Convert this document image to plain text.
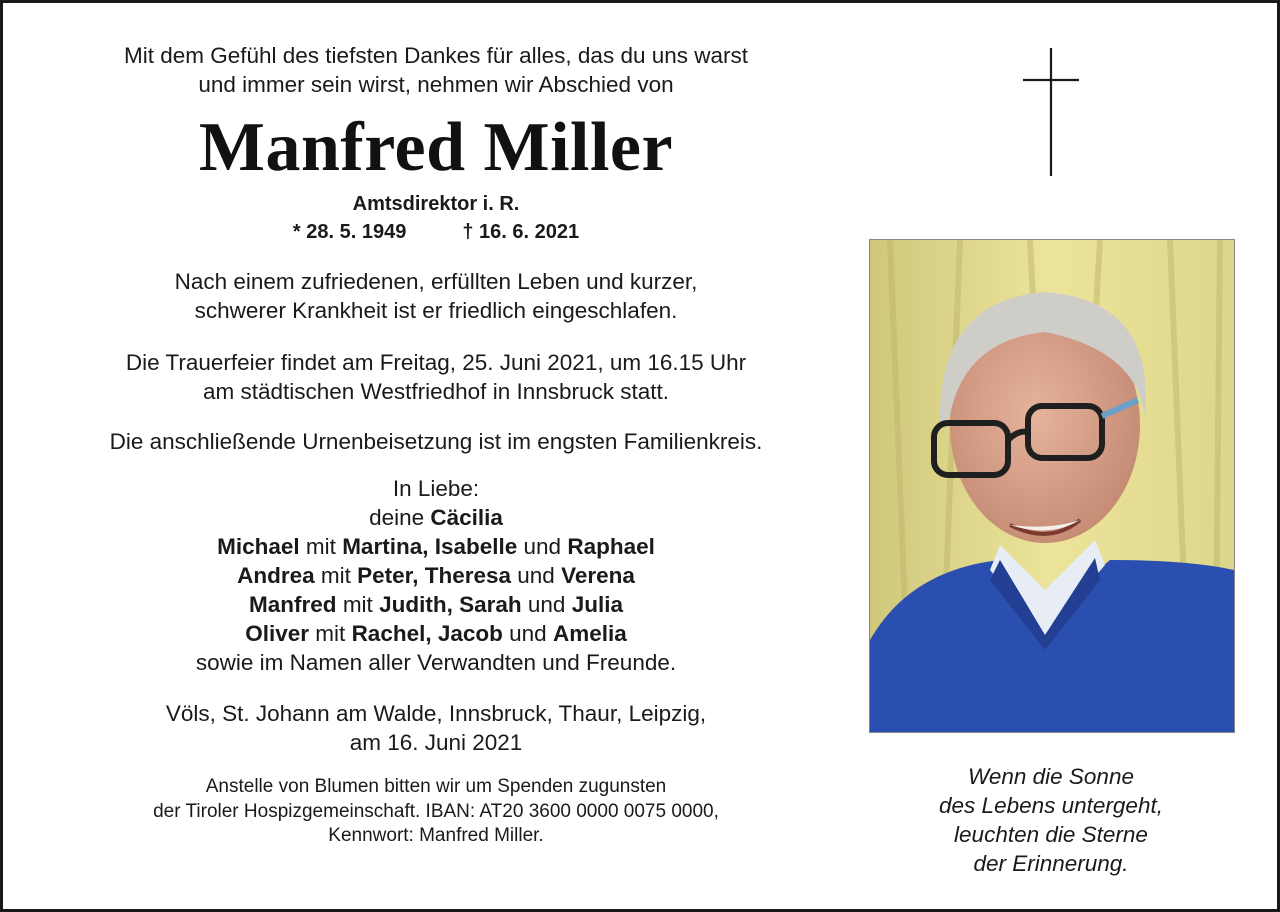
Mit dem Gefühl des tiefsten Dankes für alles, das du uns warst
und immer sein wirst, nehmen wir Abschied von

Manfred Miller
Amtsdirektor i. R.
* 28. 5. 1949	† 16. 6. 2021

Nach einem zufriedenen, erfüllten Leben und kurzer,
schwerer Krankheit ist er friedlich eingeschlafen.

Die Trauerfeier findet am Freitag, 25. Juni 2021, um 16.15 Uhr
am städtischen Westfriedhof in Innsbruck statt.

Die anschließende Urnenbeisetzung ist im engsten Familienkreis.

In Liebe:
deine Cäcilia
Michael mit Martina, Isabelle und Raphael
Andrea mit Peter, Theresa und Verena
Manfred mit Judith, Sarah und Julia
Oliver mit Rachel, Jacob und Amelia
sowie im Namen aller Verwandten und Freunde.

Völs, St. Johann am Walde, Innsbruck, Thaur, Leipzig,
am 16. Juni 2021

Anstelle von Blumen bitten wir um Spenden zugunsten
der Tiroler Hospizgemeinschaft. IBAN: AT20 3600 0000 0075 0000,
Kennwort: Manfred Miller.

Wenn die Sonne
des Lebens untergeht,
leuchten die Sterne
der Erinnerung.
